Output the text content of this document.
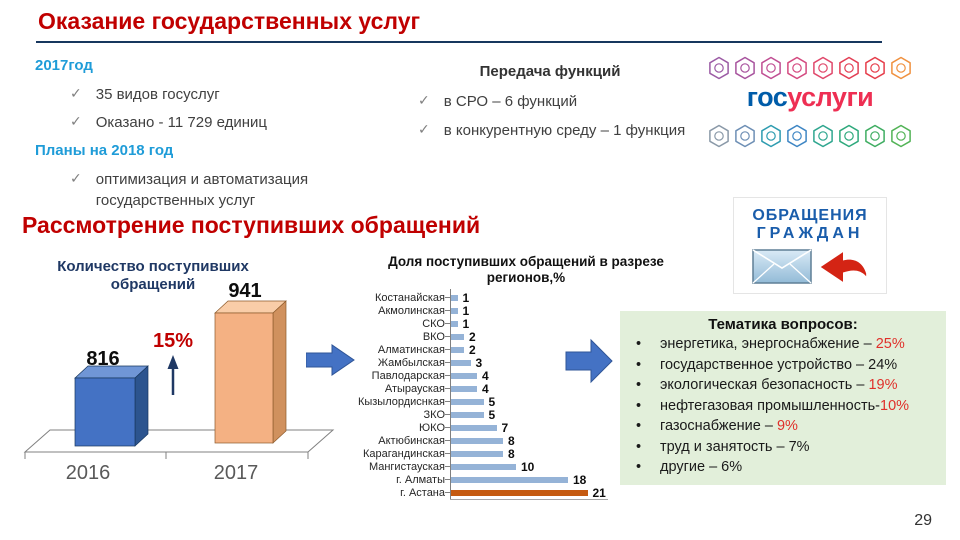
Оказание государственных услуг
2017год
✓ 35 видов госуслуг
✓ Оказано - 11 729 единиц
Планы на 2018 год
✓ оптимизация и автоматизация государственных услуг
Передача функций
✓ в СРО – 6 функций
✓ в конкурентную среду – 1 функция
госуслуги
Рассмотрение поступивших обращений	ОБРАЩЕНИЯ
ГРАЖДАН
Количество поступивших
обращений
816
941
15%
2016	2017
Доля поступивших обращений в разрезе
регионов,%
Костанайская 1
Акмолинская 1
СКО 1
ВКО 2
Алматинская 2
Жамбылская	3
Павлодарская	4
Атырауская	4
Кызылордиснкая	5
ЗКО	5
ЮКО	7
Актюбинская	8
Карагандинская	8
Мангистауская	10
г. Алматы	18
г. Астана	21
Тематика вопросов:
•	энергетика, энергоснабжение – 25%
•	государственное устройство – 24%
•	экологическая безопасность – 19%
•	нефтегазовая промышленность-10%
•	газоснабжение – 9%
•	труд и занятость – 7%
•	другие – 6%
29
